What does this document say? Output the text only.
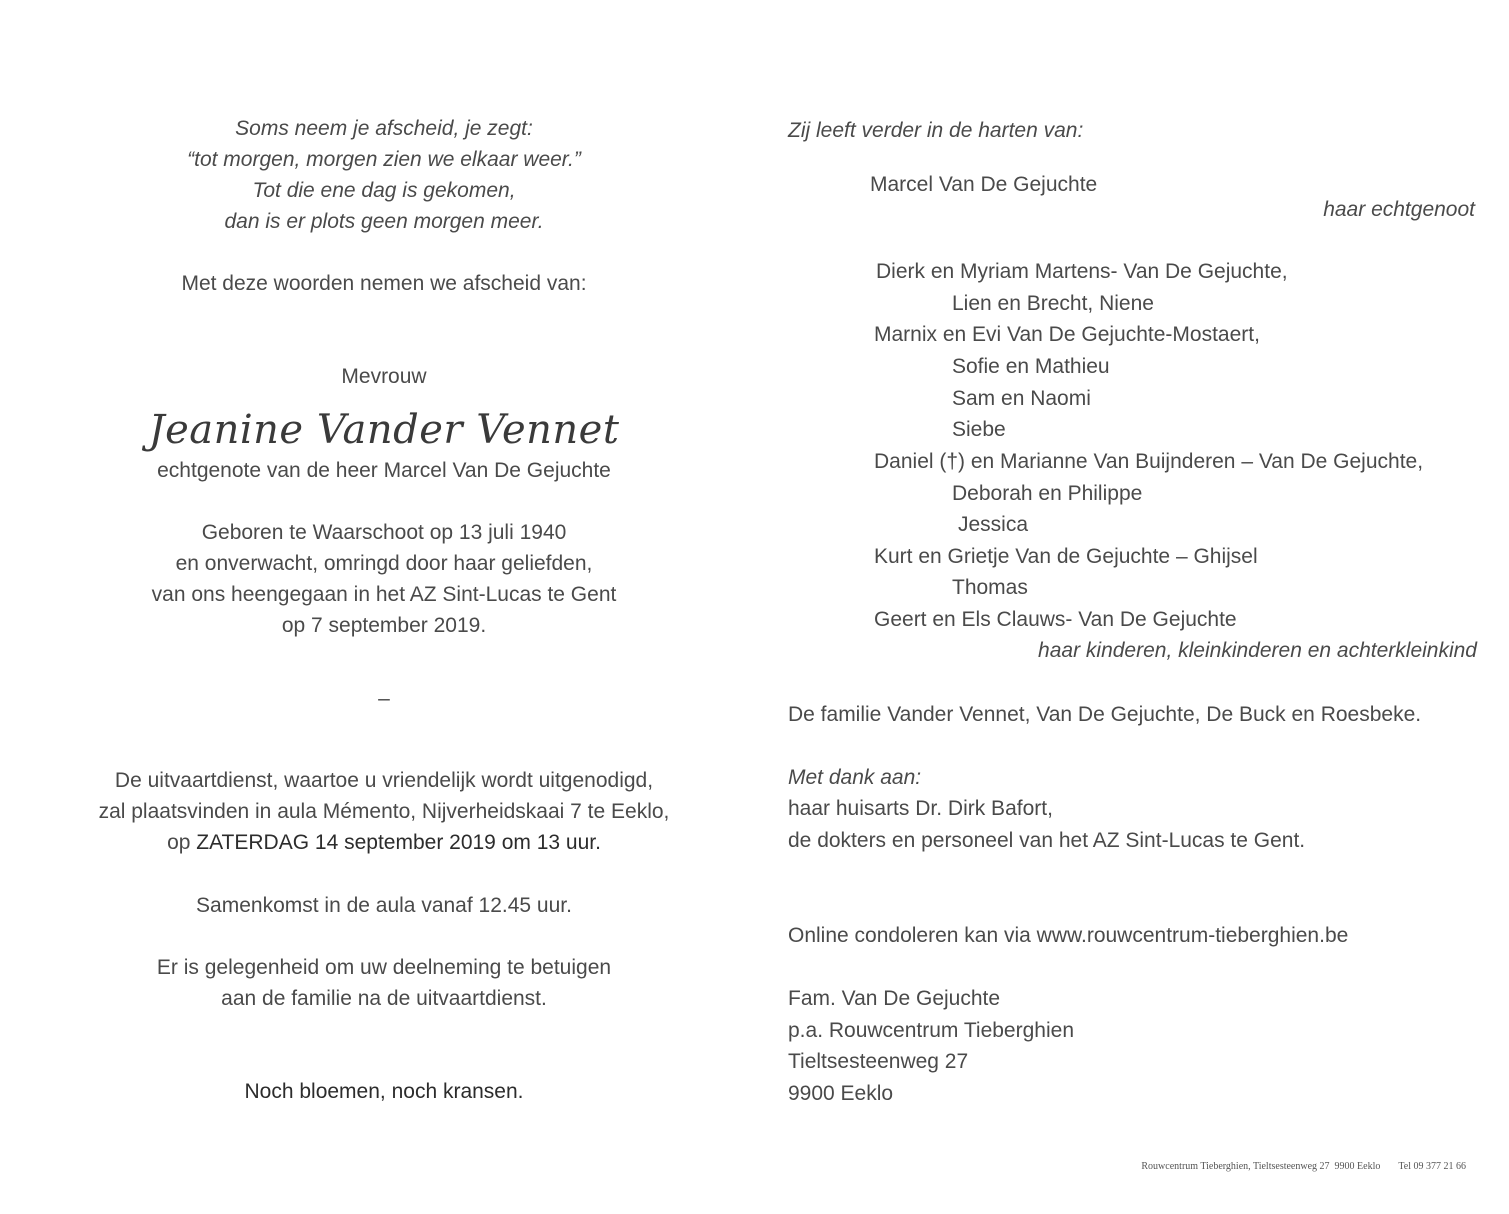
Soms neem je afscheid, je zegt:
“tot morgen, morgen zien we elkaar weer.”
Tot die ene dag is gekomen,
dan is er plots geen morgen meer.
Met deze woorden nemen we afscheid van:
Mevrouw
Jeanine Vander Vennet
echtgenote van de heer Marcel Van De Gejuchte
Geboren te Waarschoot op 13 juli 1940
en onverwacht, omringd door haar geliefden,
van ons heengegaan in het AZ Sint-Lucas te Gent
op 7 september 2019.
–
De uitvaartdienst, waartoe u vriendelijk wordt uitgenodigd,
zal plaatsvinden in aula Mémento, Nijverheidskaai 7 te Eeklo,
op ZATERDAG 14 september 2019 om 13 uur.
Samenkomst in de aula vanaf 12.45 uur.
Er is gelegenheid om uw deelneming te betuigen
aan de familie na de uitvaartdienst.
Noch bloemen, noch kransen.
Zij leeft verder in de harten van:
Marcel Van De Gejuchte
haar echtgenoot
Dierk en Myriam Martens- Van De Gejuchte,
Lien en Brecht, Niene
Marnix en Evi Van De Gejuchte-Mostaert,
Sofie en Mathieu
Sam en Naomi
Siebe
Daniel (†) en Marianne Van Buijnderen – Van De Gejuchte,
Deborah en Philippe
Jessica
Kurt en Grietje Van de Gejuchte – Ghijsel
Thomas
Geert en Els Clauws- Van De Gejuchte
haar kinderen, kleinkinderen en achterkleinkind
De familie Vander Vennet, Van De Gejuchte, De Buck en Roesbeke.
Met dank aan:
haar huisarts Dr. Dirk Bafort,
de dokters en personeel van het AZ Sint-Lucas te Gent.
Online condoleren kan via www.rouwcentrum-tieberghien.be
Fam. Van De Gejuchte
p.a. Rouwcentrum Tieberghien
Tieltsesteenweg 27
9900 Eeklo
Rouwcentrum Tieberghien, Tieltsesteenweg 27 9900 Eeklo Tel 09 377 21 66
